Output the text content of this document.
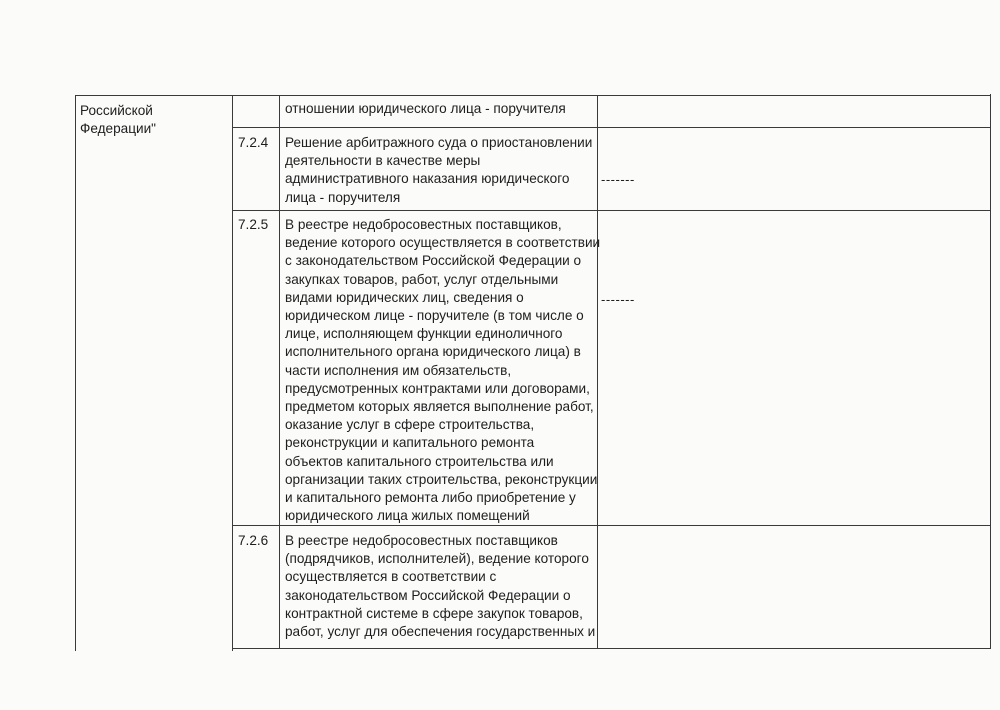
Российской
Федерации"

отношении юридического лица - поручителя

7.2.4 Решение арбитражного суда о приостановлении
деятельности в качестве меры
административного наказания юридического
лица - поручителя

-------

7.2.5 В реестре недобросовестных поставщиков,
ведение которого осуществляется в соответствии
с законодательством Российской Федерации о
закупках товаров, работ, услуг отдельными
видами юридических лиц, сведения о
юридическом лице - поручителе (в том числе о
лице, исполняющем функции единоличного
исполнительного органа юридического лица) в
части исполнения им обязательств,
предусмотренных контрактами или договорами,
предметом которых является выполнение работ,
оказание услуг в сфере строительства,
реконструкции и капитального ремонта
объектов капитального строительства или
организации таких строительства, реконструкции
и капитального ремонта либо приобретение у
юридического лица жилых помещений

-------

7.2.6 В реестре недобросовестных поставщиков
(подрядчиков, исполнителей), ведение которого
осуществляется в соответствии с
законодательством Российской Федерации о
контрактной системе в сфере закупок товаров,
работ, услуг для обеспечения государственных и
